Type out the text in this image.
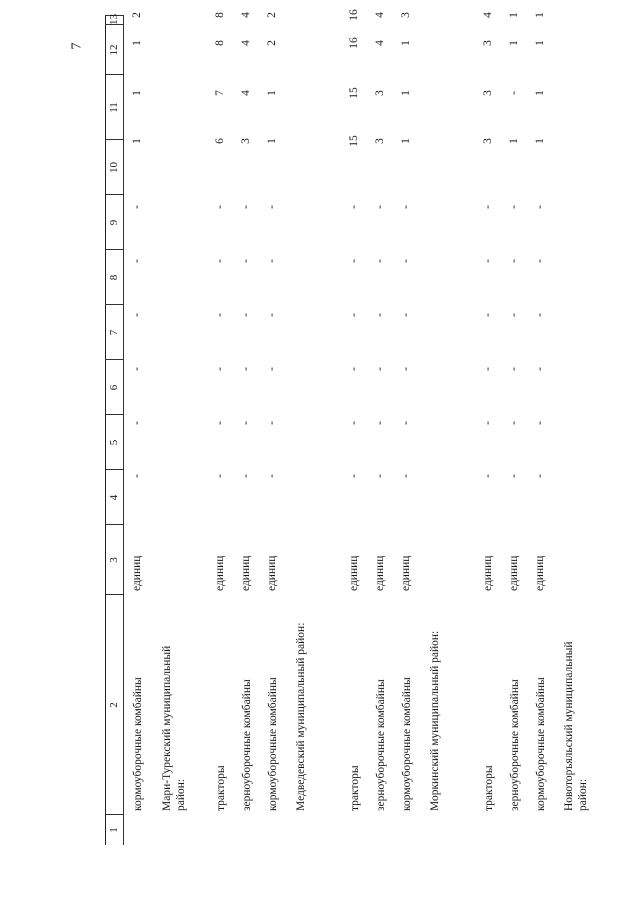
7
1
2
3
4
5
6
7
8
9
10
11
12
13
кормоуборочные комбайны
единиц
-
-
-
-
-
-
1
1
1
2
Мари-Турекский муниципальный район: тракторы
единиц
-
-
-
-
-
-
6
7
8
8
зерноуборочные комбайны
единиц
-
-
-
-
-
-
3
4
4
4
кормоуборочные комбайны
единиц
-
-
-
-
-
-
1
1
2
2
Медведевский муниципальный район:	тракторы
единиц
-
-
-
-
-
-
15
15
16
16
зерноуборочные комбайны
единиц
-
-
-
-
-
-
3
3
4
4
кормоуборочные комбайны
единиц
-
-
-
-
-
-
1
1
1
3
Моркинский муниципальный район:	тракторы
единиц
-
-
-
-
-
-
3
3
3
4
зерноуборочные комбайны
единиц
-
-
-
-
-
-
1
-
1
1
кормоуборочные комбайны
единиц
-
-
-
-
-
-
1
1
1
1
Новоторъяльский муниципальный район:
